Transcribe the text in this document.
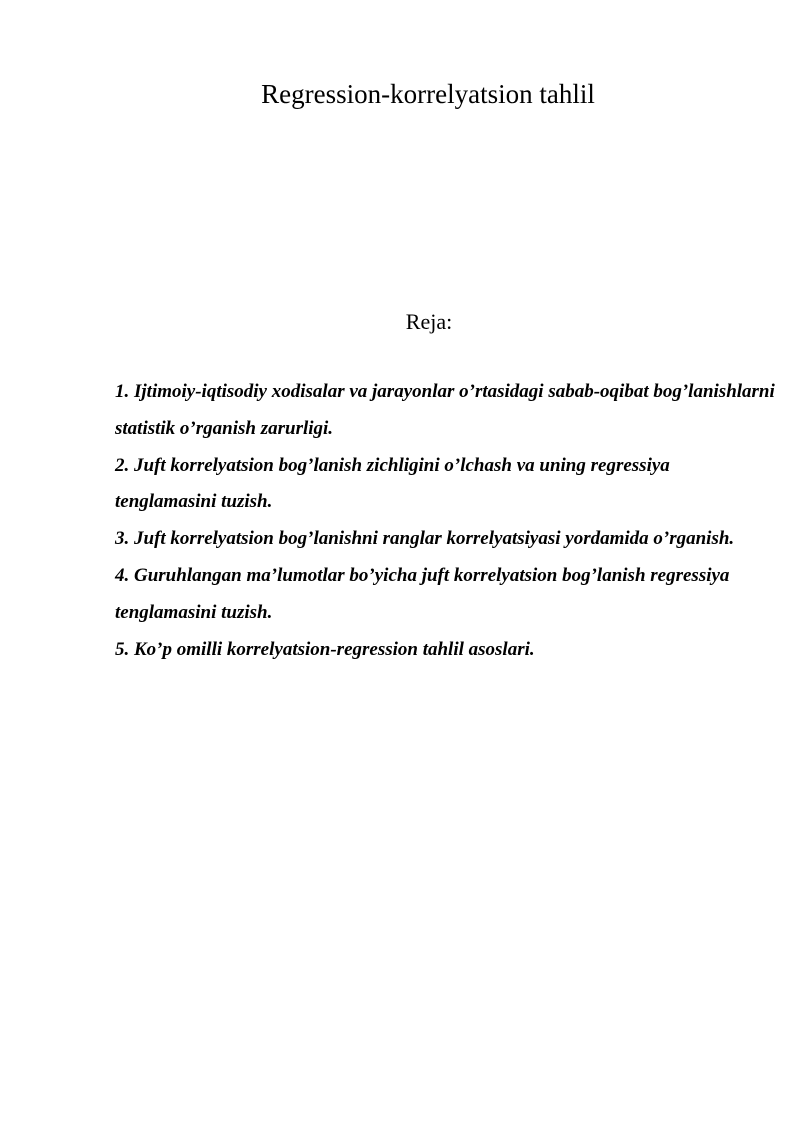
Regression-korrelyatsion tahlil
Reja:
1. Ijtimoiy-iqtisodiy xodisalar va jarayonlar o’rtasidagi sabab-oqibat bog’lanishlarni statistik o’rganish zarurligi.
2. Juft korrelyatsion bog’lanish zichligini o’lchash va uning regressiya tenglamasini tuzish.
3. Juft korrelyatsion bog’lanishni ranglar korrelyatsiyasi yordamida o’rganish.
4. Guruhlangan ma’lumotlar bo’yicha juft korrelyatsion bog’lanish regressiya tenglamasini tuzish.
5. Ko’p omilli korrelyatsion-regression tahlil asoslari.
